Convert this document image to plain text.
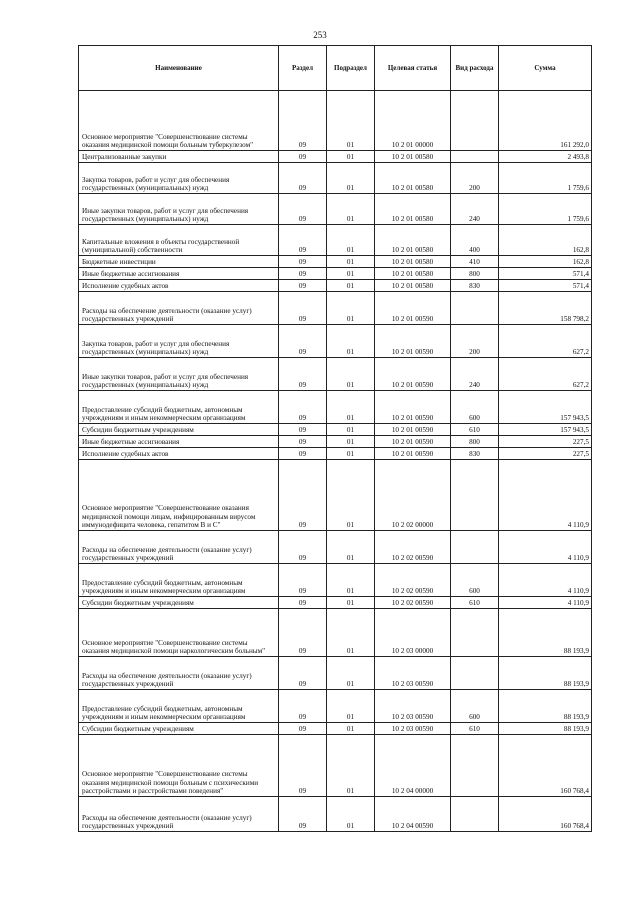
253
Наименование	Раздел	Подраздел	Целевая статья	Вид расхода	Сумма
Основное мероприятие "Совершенствование системы оказания медицинской помощи больным туберкулезом"	09	01	10 2 01 00000		161 292,0
Централизованные закупки	09	01	10 2 01 00580		2 493,8
Закупка товаров, работ и услуг для обеспечения государственных (муниципальных) нужд	09	01	10 2 01 00580	200	1 759,6
Иные закупки товаров, работ и услуг для обеспечения государственных (муниципальных) нужд	09	01	10 2 01 00580	240	1 759,6
Капитальные вложения в объекты государственной (муниципальной) собственности	09	01	10 2 01 00580	400	162,8
Бюджетные инвестиции	09	01	10 2 01 00580	410	162,8
Иные бюджетные ассигнования	09	01	10 2 01 00580	800	571,4
Исполнение судебных актов	09	01	10 2 01 00580	830	571,4
Расходы на обеспечение деятельности (оказание услуг) государственных учреждений	09	01	10 2 01 00590		158 798,2
Закупка товаров, работ и услуг для обеспечения государственных (муниципальных) нужд	09	01	10 2 01 00590	200	627,2
Иные закупки товаров, работ и услуг для обеспечения государственных (муниципальных) нужд	09	01	10 2 01 00590	240	627,2
Предоставление субсидий бюджетным, автономным учреждениям и иным некоммерческим организациям	09	01	10 2 01 00590	600	157 943,5
Субсидии бюджетным учреждениям	09	01	10 2 01 00590	610	157 943,5
Иные бюджетные ассигнования	09	01	10 2 01 00590	800	227,5
Исполнение судебных актов	09	01	10 2 01 00590	830	227,5
Основное мероприятие "Совершенствование оказания медицинской помощи лицам, инфицированным вирусом иммунодефицита человека, гепатитом В и С"	09	01	10 2 02 00000		4 110,9
Расходы на обеспечение деятельности (оказание услуг) государственных учреждений	09	01	10 2 02 00590		4 110,9
Предоставление субсидий бюджетным, автономным учреждениям и иным некоммерческим организациям	09	01	10 2 02 00590	600	4 110,9
Субсидии бюджетным учреждениям	09	01	10 2 02 00590	610	4 110,9
Основное мероприятие "Совершенствование системы оказания медицинской помощи наркологическим больным"	09	01	10 2 03 00000		88 193,9
Расходы на обеспечение деятельности (оказание услуг) государственных учреждений	09	01	10 2 03 00590		88 193,9
Предоставление субсидий бюджетным, автономным учреждениям и иным некоммерческим организациям	09	01	10 2 03 00590	600	88 193,9
Субсидии бюджетным учреждениям	09	01	10 2 03 00590	610	88 193,9
Основное мероприятие "Совершенствование системы оказания медицинской помощи больным с психическими расстройствами и расстройствами поведения"	09	01	10 2 04 00000		160 768,4
Расходы на обеспечение деятельности (оказание услуг) государственных учреждений	09	01	10 2 04 00590		160 768,4
